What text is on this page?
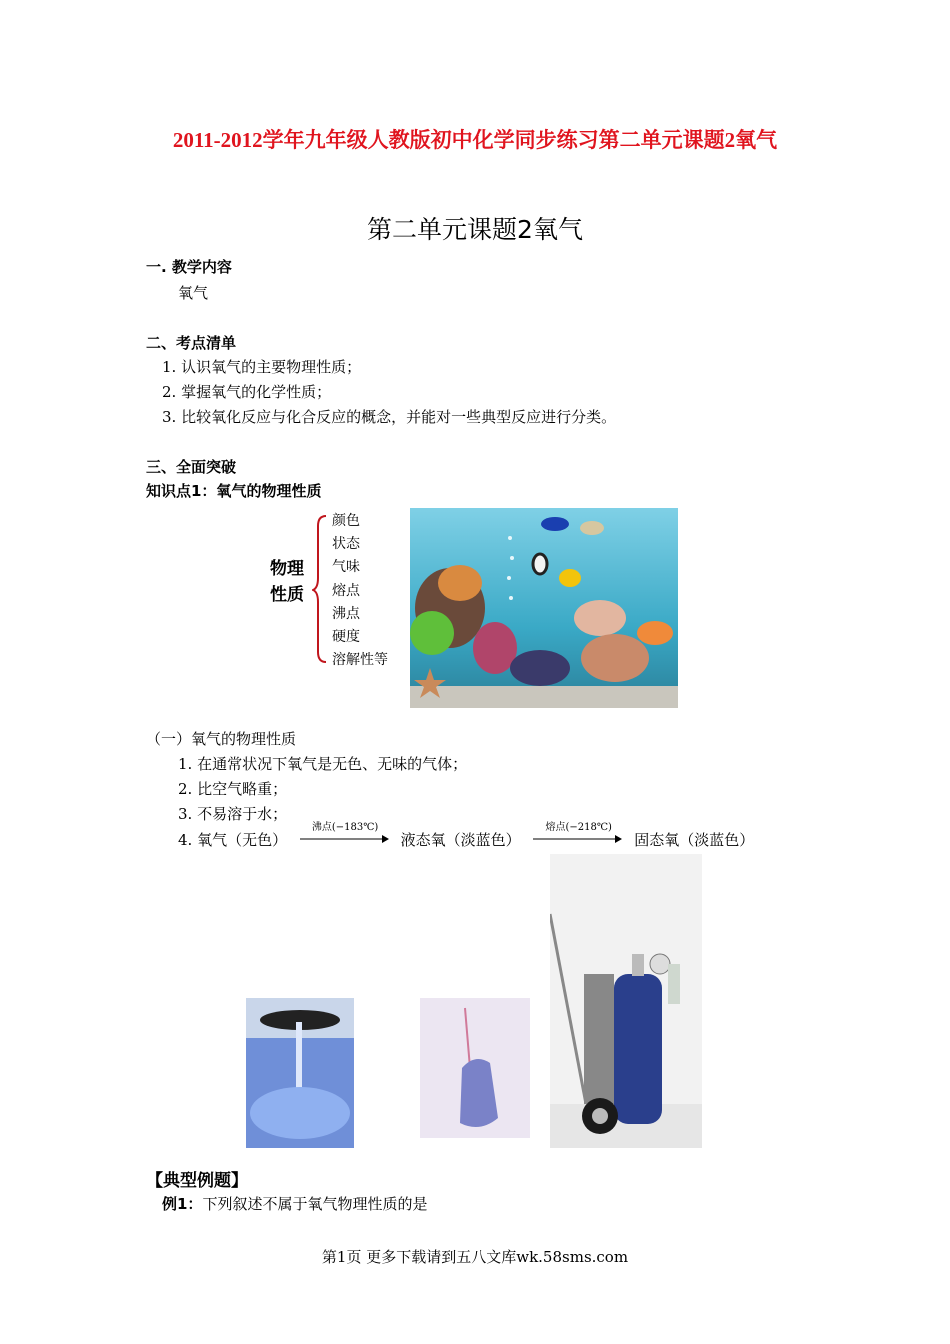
2011-2012学年九年级人教版初中化学同步练习第二单元课题2氧气
第二单元课题2氧气
一. 教学内容
氧气
二、考点清单
1. 认识氧气的主要物理性质；
2. 掌握氧气的化学性质；
3. 比较氧化反应与化合反应的概念，并能对一些典型反应进行分类。
三、全面突破
知识点1：氧气的物理性质
物理
性质
颜色
状态
气味
熔点
沸点
硬度
溶解性等
（一）氧气的物理性质
1. 在通常状况下氧气是无色、无味的气体；
2. 比空气略重；
3. 不易溶于水；
4. 氧气（无色）
沸点(−183℃)
液态氧（淡蓝色）
熔点(−218℃)
固态氧（淡蓝色）
【典型例题】
例1：下列叙述不属于氧气物理性质的是
第1页 更多下载请到五八文库wk.58sms.com
